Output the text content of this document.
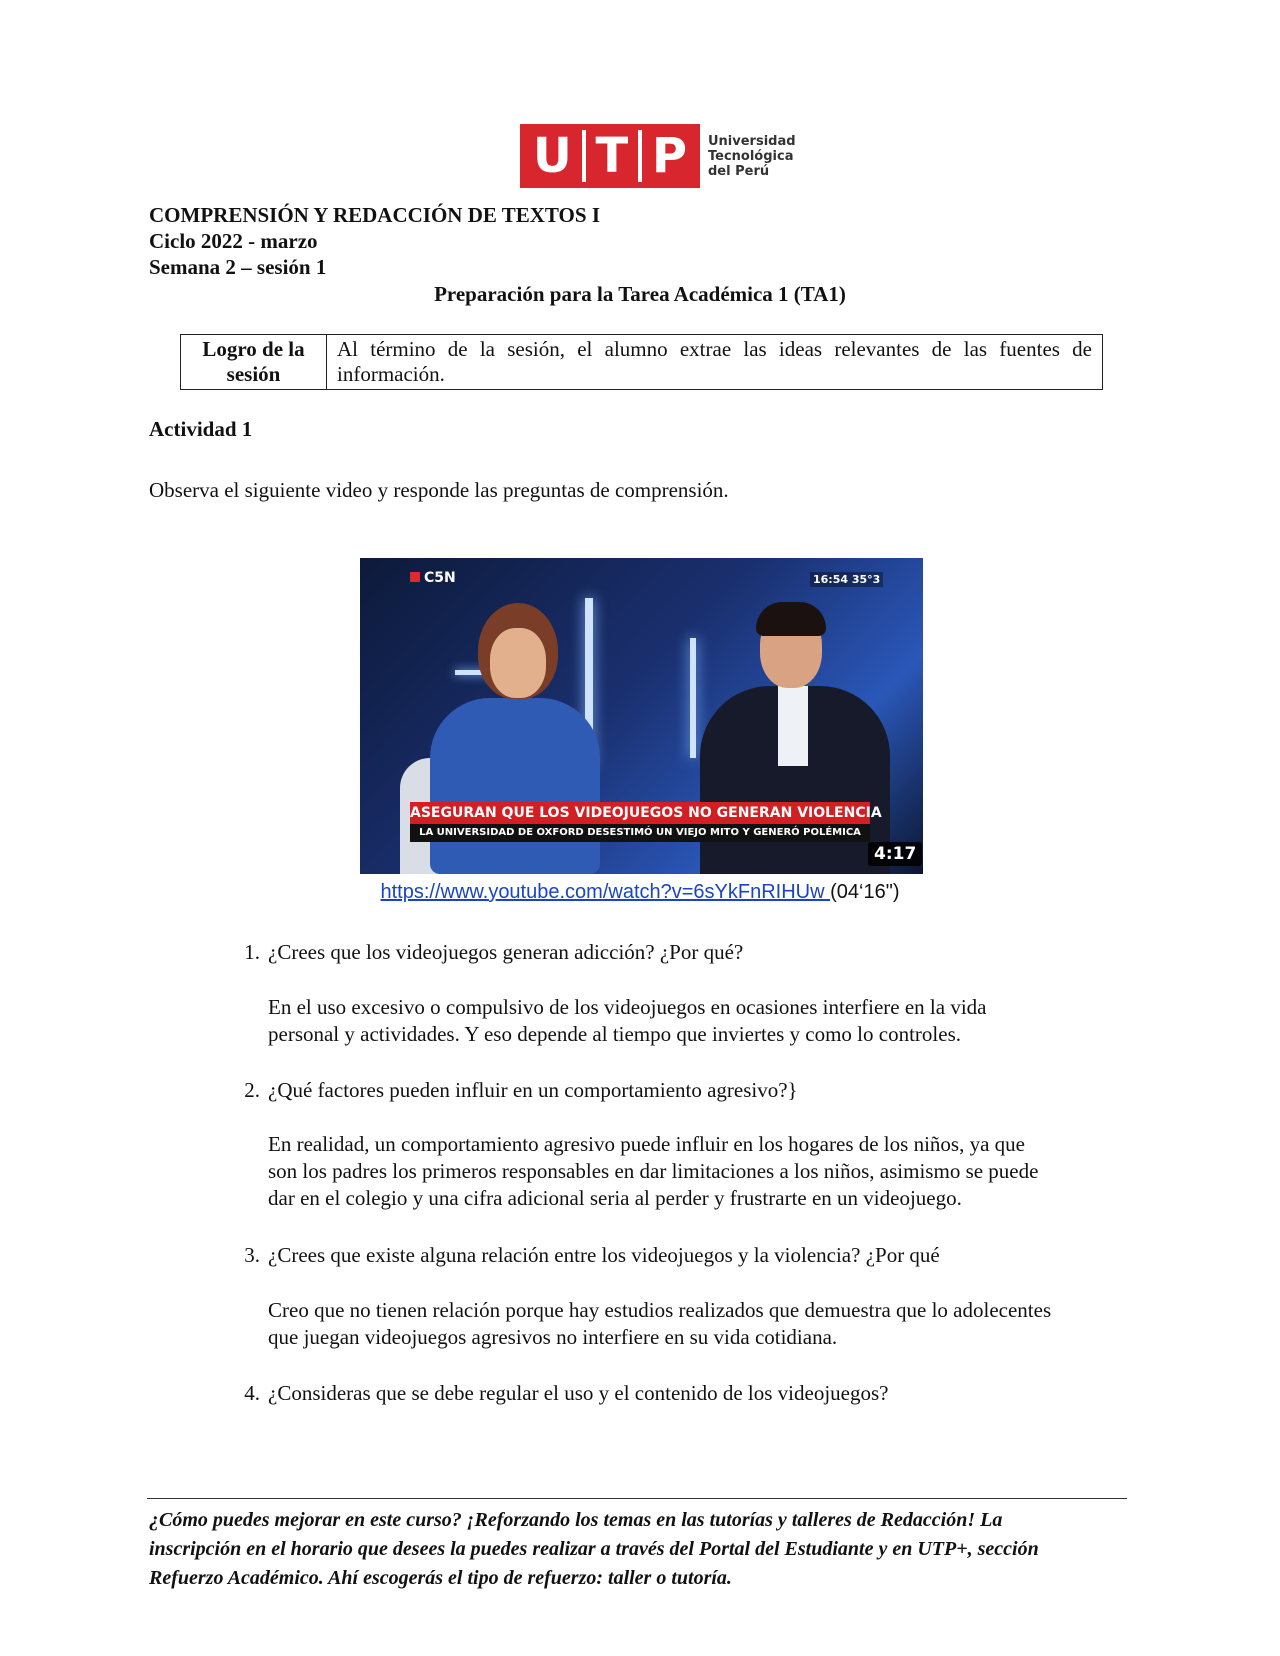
U T P Universidad
Tecnológica
del Perú
COMPRENSIÓN Y REDACCIÓN DE TEXTOS I
Ciclo 2022 - marzo
Semana 2 – sesión 1
Preparación para la Tarea Académica 1 (TA1)
Logro de la sesión	Al término de la sesión, el alumno extrae las ideas relevantes de las fuentes de información.
Actividad 1
Observa el siguiente video y responde las preguntas de comprensión.
C5N	16:54 35°3
ASEGURAN QUE LOS VIDEOJUEGOS NO GENERAN VIOLENCIA
LA UNIVERSIDAD DE OXFORD DESESTIMÓ UN VIEJO MITO Y GENERÓ POLÉMICA
4:17
https://www.youtube.com/watch?v=6sYkFnRIHUw (04‘16")
1. ¿Crees que los videojuegos generan adicción? ¿Por qué?
En el uso excesivo o compulsivo de los videojuegos en ocasiones interfiere en la vida
personal y actividades. Y eso depende al tiempo que inviertes y como lo controles.
2. ¿Qué factores pueden influir en un comportamiento agresivo?}
En realidad, un comportamiento agresivo puede influir en los hogares de los niños, ya que
son los padres los primeros responsables en dar limitaciones a los niños, asimismo se puede
dar en el colegio y una cifra adicional seria al perder y frustrarte en un videojuego.
3. ¿Crees que existe alguna relación entre los videojuegos y la violencia? ¿Por qué
Creo que no tienen relación porque hay estudios realizados que demuestra que lo adolecentes
que juegan videojuegos agresivos no interfiere en su vida cotidiana.
4. ¿Consideras que se debe regular el uso y el contenido de los videojuegos?
¿Cómo puedes mejorar en este curso? ¡Reforzando los temas en las tutorías y talleres de Redacción! La
inscripción en el horario que desees la puedes realizar a través del Portal del Estudiante y en UTP+, sección
Refuerzo Académico. Ahí escogerás el tipo de refuerzo: taller o tutoría.
